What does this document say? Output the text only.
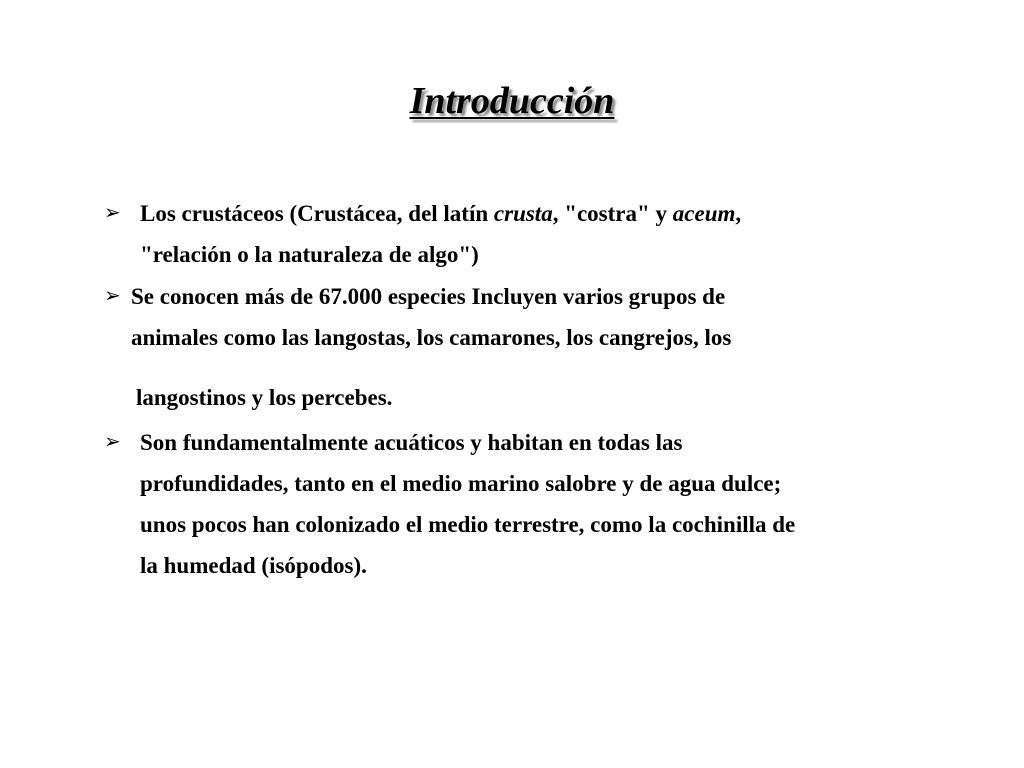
Introducción
➢ Los crustáceos (Crustácea, del latín crusta, "costra" y aceum,
"relación o la naturaleza de algo")
➢ Se conocen más de 67.000 especies Incluyen varios grupos de
animales como las langostas, los camarones, los cangrejos, los
langostinos y los percebes.
➢ Son fundamentalmente acuáticos y habitan en todas las
profundidades, tanto en el medio marino salobre y de agua dulce;
unos pocos han colonizado el medio terrestre, como la cochinilla de
la humedad (isópodos).
